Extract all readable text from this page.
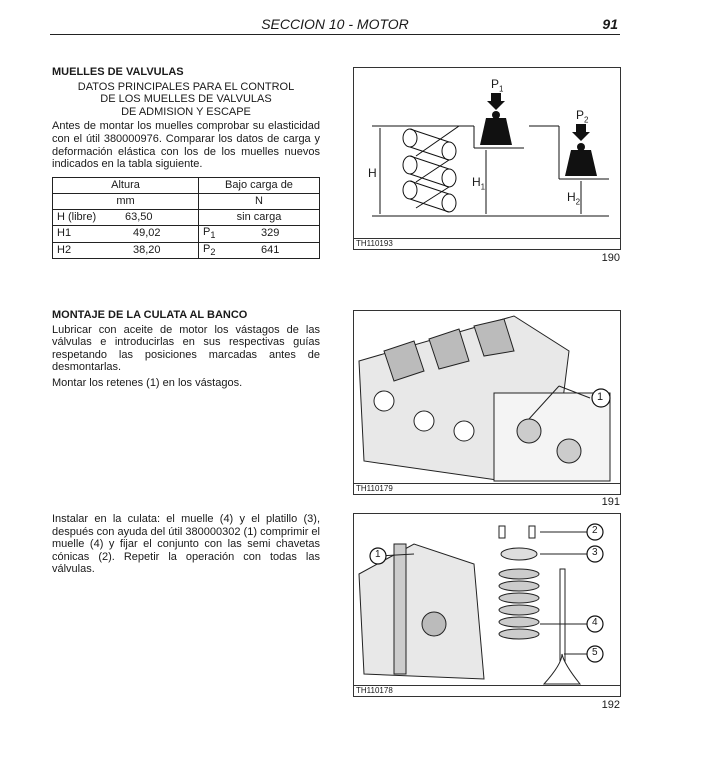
SECCION 10 - MOTOR	91
MUELLES DE VALVULAS
DATOS PRINCIPALES PARA EL CONTROL
DE LOS MUELLES DE VALVULAS
DE ADMISION Y ESCAPE

Antes de montar los muelles comprobar su elasticidad con el útil 380000976. Comparar los datos de carga y deformación elástica con los de los muelles nuevos indicados en la tabla siguiente.

Altura		Bajo carga de	
mm		N	
H (libre)	63,50	sin carga	
H1	49,02	$P_1$	329
H2	38,20	$P_2$	641
MONTAJE DE LA CULATA AL BANCO

Lubricar con aceite de motor los vástagos de las válvulas e introducirlas en sus respectivas guías respetando las posiciones marcadas antes de desmontarlas.

Montar los retenes (1) en los vástagos.

Instalar en la culata: el muelle (4) y el platillo (3), después con ayuda del útil 380000302 (1) comprimir el muelle (4) y fijar el conjunto con las semi chavetas cónicas (2). Repetir la operación con todas las válvulas.

H
$H_1$
$H_2$
$P_1$
$P_2$
TH110193
190
1
TH110179
191
1
2
3
4
5
TH110178
192
